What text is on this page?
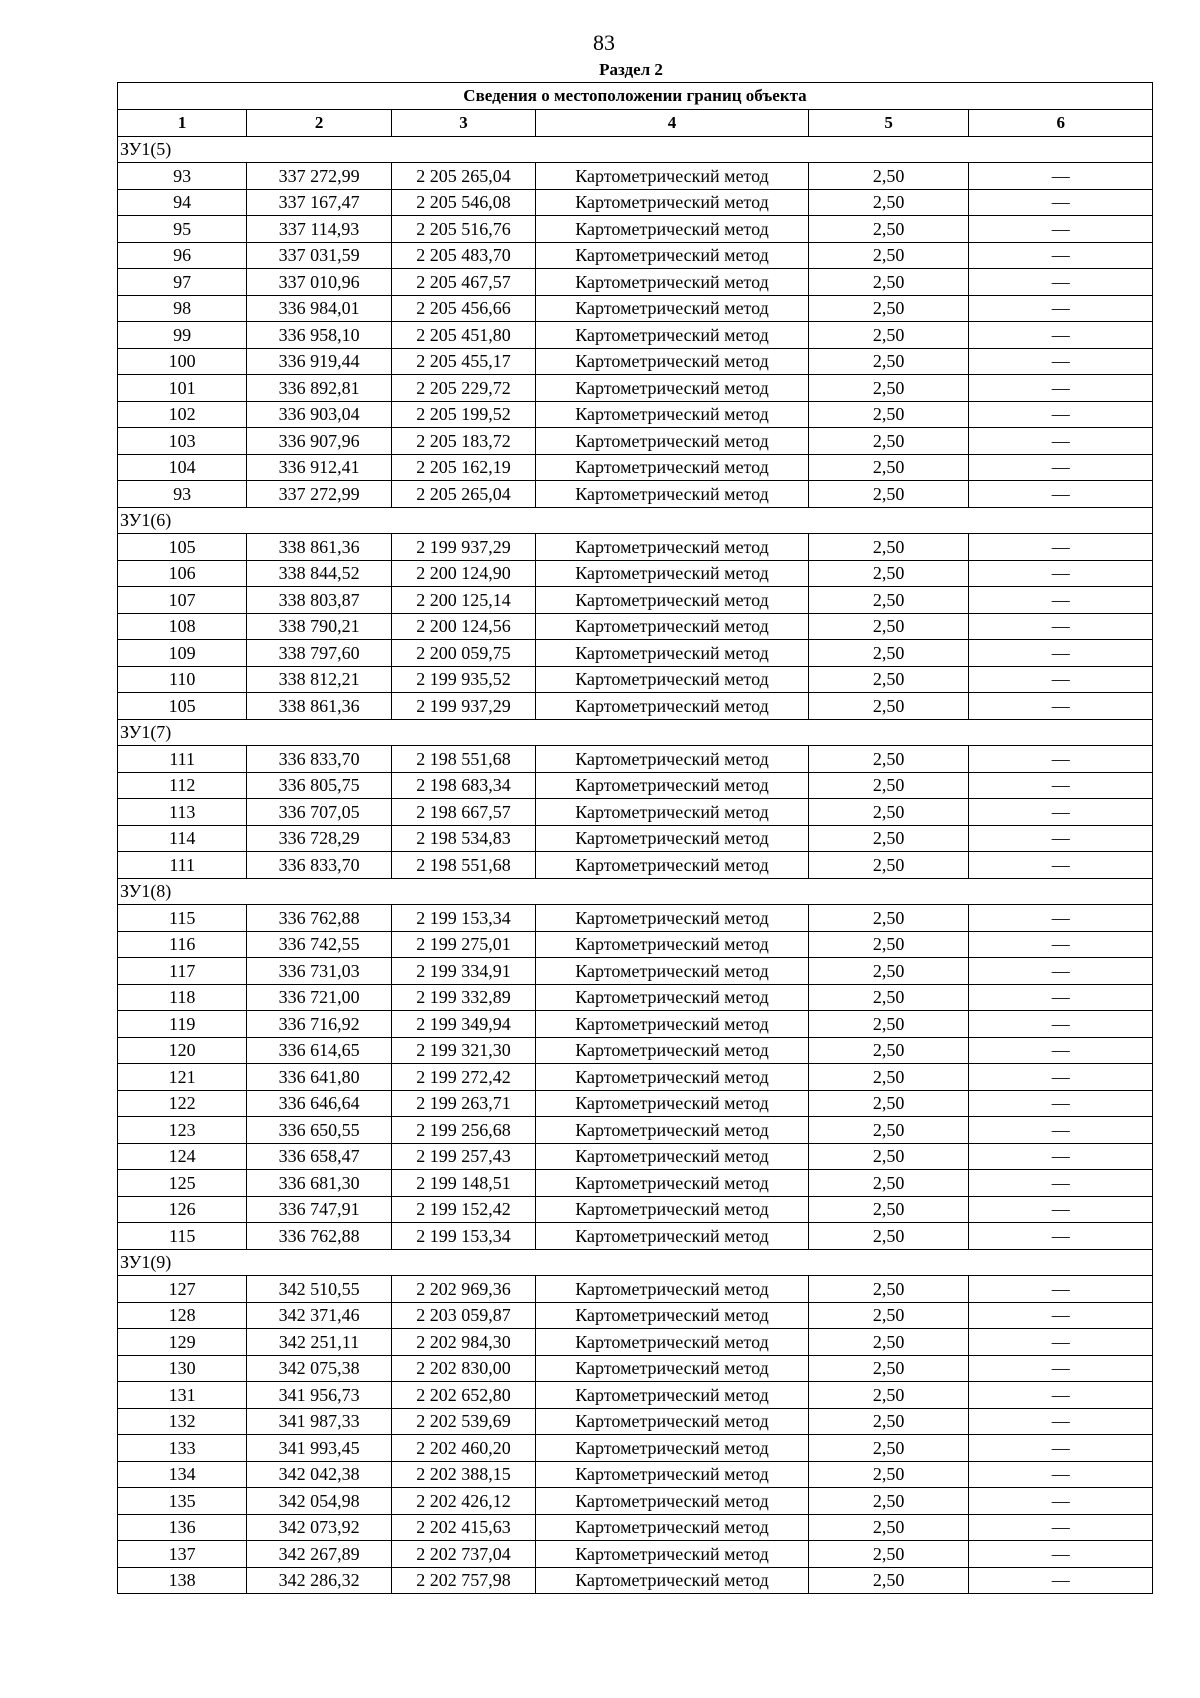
83
Раздел 2
Сведения о местоположении границ объекта					
1	2	3	4	5	6
ЗУ1(5)					
93	337 272,99	2 205 265,04	Картометрический метод	2,50	—
94	337 167,47	2 205 546,08	Картометрический метод	2,50	—
95	337 114,93	2 205 516,76	Картометрический метод	2,50	—
96	337 031,59	2 205 483,70	Картометрический метод	2,50	—
97	337 010,96	2 205 467,57	Картометрический метод	2,50	—
98	336 984,01	2 205 456,66	Картометрический метод	2,50	—
99	336 958,10	2 205 451,80	Картометрический метод	2,50	—
100	336 919,44	2 205 455,17	Картометрический метод	2,50	—
101	336 892,81	2 205 229,72	Картометрический метод	2,50	—
102	336 903,04	2 205 199,52	Картометрический метод	2,50	—
103	336 907,96	2 205 183,72	Картометрический метод	2,50	—
104	336 912,41	2 205 162,19	Картометрический метод	2,50	—
93	337 272,99	2 205 265,04	Картометрический метод	2,50	—
ЗУ1(6)					
105	338 861,36	2 199 937,29	Картометрический метод	2,50	—
106	338 844,52	2 200 124,90	Картометрический метод	2,50	—
107	338 803,87	2 200 125,14	Картометрический метод	2,50	—
108	338 790,21	2 200 124,56	Картометрический метод	2,50	—
109	338 797,60	2 200 059,75	Картометрический метод	2,50	—
110	338 812,21	2 199 935,52	Картометрический метод	2,50	—
105	338 861,36	2 199 937,29	Картометрический метод	2,50	—
ЗУ1(7)					
111	336 833,70	2 198 551,68	Картометрический метод	2,50	—
112	336 805,75	2 198 683,34	Картометрический метод	2,50	—
113	336 707,05	2 198 667,57	Картометрический метод	2,50	—
114	336 728,29	2 198 534,83	Картометрический метод	2,50	—
111	336 833,70	2 198 551,68	Картометрический метод	2,50	—
ЗУ1(8)					
115	336 762,88	2 199 153,34	Картометрический метод	2,50	—
116	336 742,55	2 199 275,01	Картометрический метод	2,50	—
117	336 731,03	2 199 334,91	Картометрический метод	2,50	—
118	336 721,00	2 199 332,89	Картометрический метод	2,50	—
119	336 716,92	2 199 349,94	Картометрический метод	2,50	—
120	336 614,65	2 199 321,30	Картометрический метод	2,50	—
121	336 641,80	2 199 272,42	Картометрический метод	2,50	—
122	336 646,64	2 199 263,71	Картометрический метод	2,50	—
123	336 650,55	2 199 256,68	Картометрический метод	2,50	—
124	336 658,47	2 199 257,43	Картометрический метод	2,50	—
125	336 681,30	2 199 148,51	Картометрический метод	2,50	—
126	336 747,91	2 199 152,42	Картометрический метод	2,50	—
115	336 762,88	2 199 153,34	Картометрический метод	2,50	—
ЗУ1(9)					
127	342 510,55	2 202 969,36	Картометрический метод	2,50	—
128	342 371,46	2 203 059,87	Картометрический метод	2,50	—
129	342 251,11	2 202 984,30	Картометрический метод	2,50	—
130	342 075,38	2 202 830,00	Картометрический метод	2,50	—
131	341 956,73	2 202 652,80	Картометрический метод	2,50	—
132	341 987,33	2 202 539,69	Картометрический метод	2,50	—
133	341 993,45	2 202 460,20	Картометрический метод	2,50	—
134	342 042,38	2 202 388,15	Картометрический метод	2,50	—
135	342 054,98	2 202 426,12	Картометрический метод	2,50	—
136	342 073,92	2 202 415,63	Картометрический метод	2,50	—
137	342 267,89	2 202 737,04	Картометрический метод	2,50	—
138	342 286,32	2 202 757,98	Картометрический метод	2,50	—
